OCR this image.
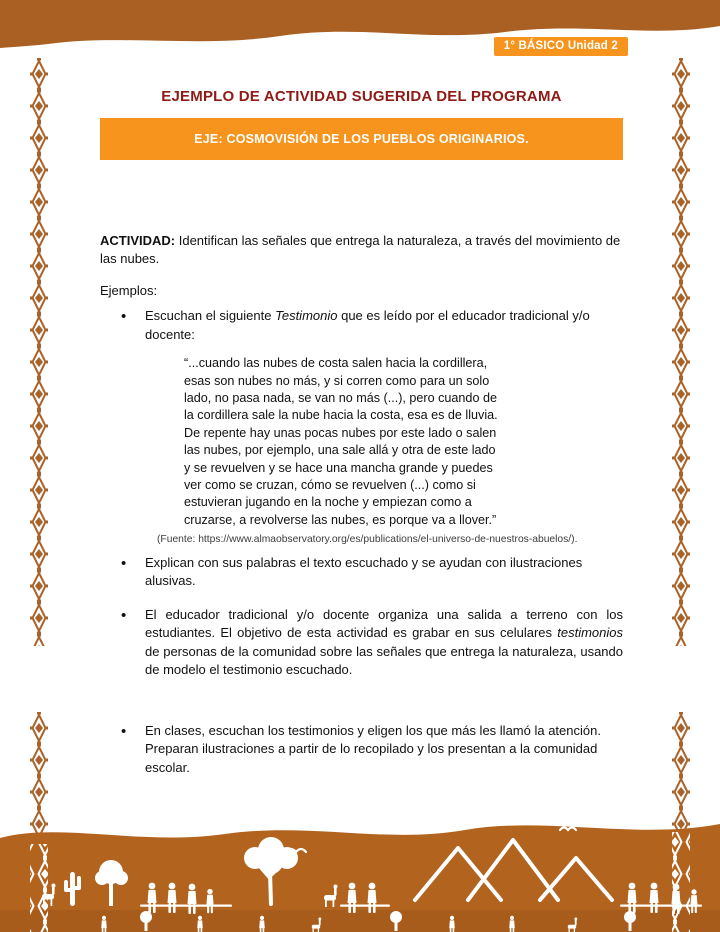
1° BÁSICO Unidad 2
EJEMPLO DE ACTIVIDAD SUGERIDA DEL PROGRAMA
EJE: COSMOVISIÓN DE LOS PUEBLOS ORIGINARIOS.

ACTIVIDAD: Identifican las señales que entrega la naturaleza, a través del movimiento de las nubes.

Ejemplos:

• Escuchan el siguiente Testimonio que es leído por el educador tradicional y/o docente:
“...cuando las nubes de costa salen hacia la cordillera, esas son nubes no más, y si corren como para un solo lado, no pasa nada, se van no más (...), pero cuando de la cordillera sale la nube hacia la costa, esa es de lluvia. De repente hay unas pocas nubes por este lado o salen las nubes, por ejemplo, una sale allá y otra de este lado y se revuelven y se hace una mancha grande y puedes ver como se cruzan, cómo se revuelven (...) como si estuvieran jugando en la noche y empiezan como a cruzarse, a revolverse las nubes, es porque va a llover.”

(Fuente: https://www.almaobservatory.org/es/publications/el-universo-de-nuestros-abuelos/).

• Explican con sus palabras el texto escuchado y se ayudan con ilustraciones alusivas.
• El educador tradicional y/o docente organiza una salida a terreno con los estudiantes. El objetivo de esta actividad es grabar en sus celulares testimonios de personas de la comunidad sobre las señales que entrega la naturaleza, usando de modelo el testimonio escuchado.
• En clases, escuchan los testimonios y eligen los que más les llamó la atención. Preparan ilustraciones a partir de lo recopilado y los presentan a la comunidad escolar.
